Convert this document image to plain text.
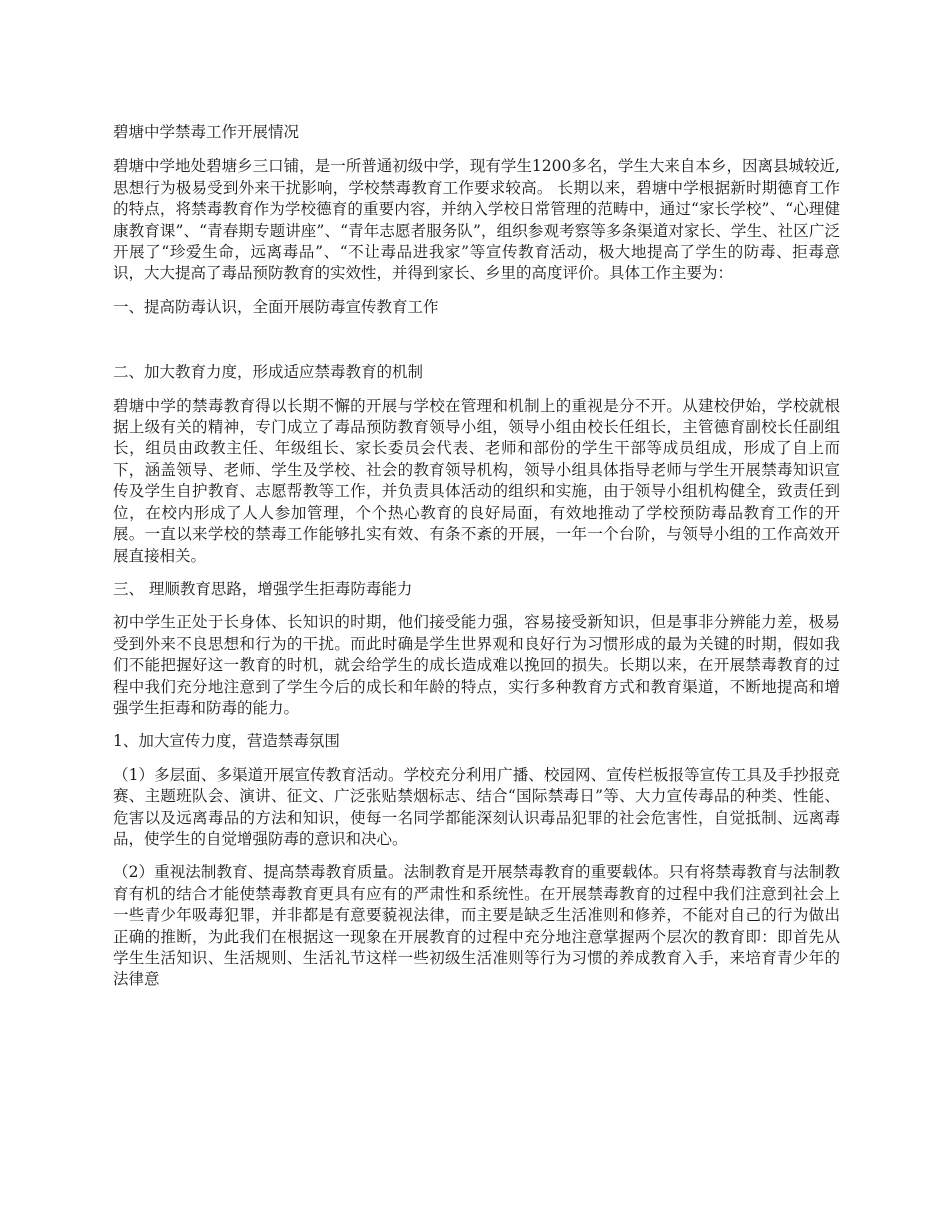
碧塘中学禁毒工作开展情况

碧塘中学地处碧塘乡三口铺，是一所普通初级中学，现有学生1200多名，学生大来自本乡，因离县城较近,思想行为极易受到外来干扰影响，学校禁毒教育工作要求较高。 长期以来，碧塘中学根据新时期德育工作的特点，将禁毒教育作为学校德育的重要内容，并纳入学校日常管理的范畴中，通过“家长学校”、“心理健康教育课”、“青春期专题讲座”、“青年志愿者服务队”，组织参观考察等多条渠道对家长、学生、社区广泛开展了“珍爱生命，远离毒品”、“不让毒品进我家”等宣传教育活动，极大地提高了学生的防毒、拒毒意识，大大提高了毒品预防教育的实效性，并得到家长、乡里的高度评价。具体工作主要为：

一、提高防毒认识，全面开展防毒宣传教育工作
二、加大教育力度，形成适应禁毒教育的机制

碧塘中学的禁毒教育得以长期不懈的开展与学校在管理和机制上的重视是分不开。从建校伊始，学校就根据上级有关的精神，专门成立了毒品预防教育领导小组，领导小组由校长任组长，主管德育副校长任副组长，组员由政教主任、年级组长、家长委员会代表、老师和部份的学生干部等成员组成，形成了自上而下，涵盖领导、老师、学生及学校、社会的教育领导机构，领导小组具体指导老师与学生开展禁毒知识宣传及学生自护教育、志愿帮教等工作，并负责具体活动的组织和实施，由于领导小组机构健全，致责任到位，在校内形成了人人参加管理，个个热心教育的良好局面，有效地推动了学校预防毒品教育工作的开展。一直以来学校的禁毒工作能够扎实有效、有条不紊的开展，一年一个台阶，与领导小组的工作高效开展直接相关。

三、 理顺教育思路，增强学生拒毒防毒能力

初中学生正处于长身体、长知识的时期，他们接受能力强，容易接受新知识，但是事非分辨能力差，极易受到外来不良思想和行为的干扰。而此时确是学生世界观和良好行为习惯形成的最为关键的时期，假如我们不能把握好这一教育的时机，就会给学生的成长造成难以挽回的损失。长期以来，在开展禁毒教育的过程中我们充分地注意到了学生今后的成长和年龄的特点，实行多种教育方式和教育渠道，不断地提高和增强学生拒毒和防毒的能力。

1、加大宣传力度，营造禁毒氛围

（1）多层面、多渠道开展宣传教育活动。学校充分利用广播、校园网、宣传栏板报等宣传工具及手抄报竞赛、主题班队会、演讲、征文、广泛张贴禁烟标志、结合“国际禁毒日”等、大力宣传毒品的种类、性能、危害以及远离毒品的方法和知识，使每一名同学都能深刻认识毒品犯罪的社会危害性，自觉抵制、远离毒品，使学生的自觉增强防毒的意识和决心。

（2）重视法制教育、提高禁毒教育质量。法制教育是开展禁毒教育的重要载体。只有将禁毒教育与法制教育有机的结合才能使禁毒教育更具有应有的严肃性和系统性。在开展禁毒教育的过程中我们注意到社会上一些青少年吸毒犯罪，并非都是有意要藐视法律，而主要是缺乏生活准则和修养，不能对自己的行为做出正确的推断，为此我们在根据这一现象在开展教育的过程中充分地注意掌握两个层次的教育即：即首先从学生生活知识、生活规则、生活礼节这样一些初级生活准则等行为习惯的养成教育入手，来培育青少年的法律意
